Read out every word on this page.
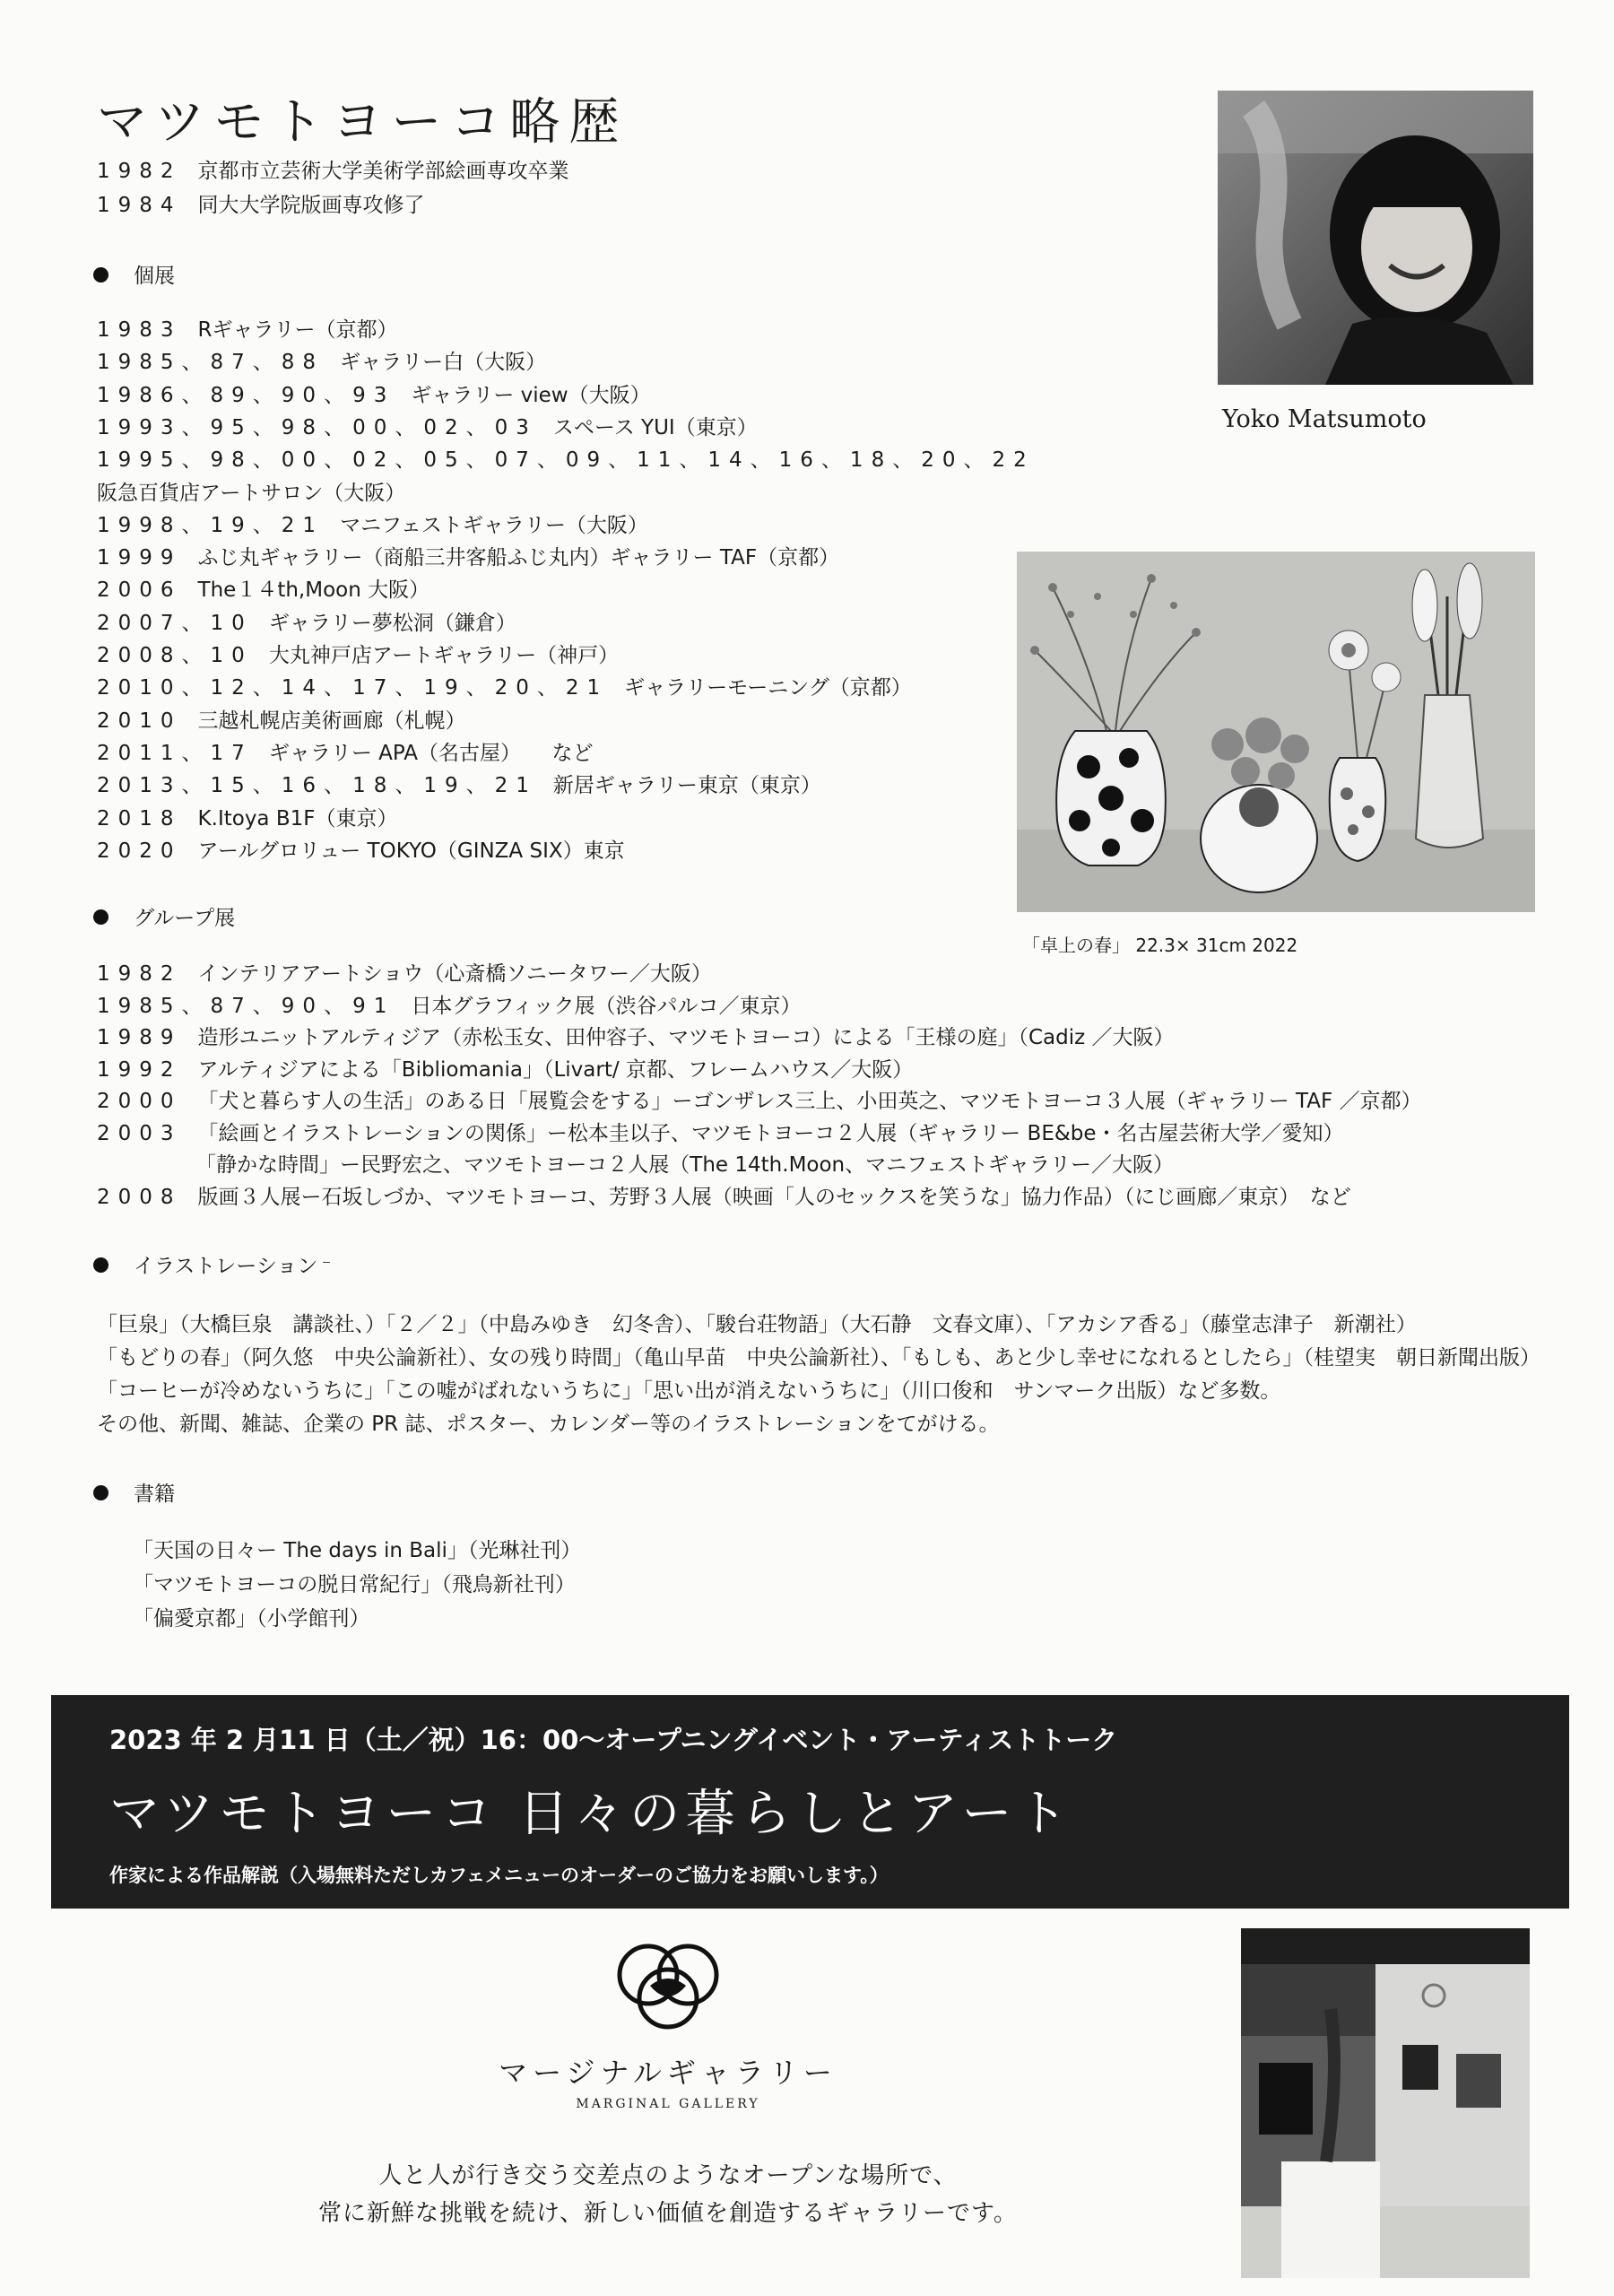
マツモトヨーコ略歴
1982 京都市立芸術大学美術学部絵画専攻卒業
1984 同大大学院版画専攻修了
個展
1983 Rギャラリー（京都）
1985、87、88 ギャラリー白（大阪）
1986、89、90、93 ギャラリー view（大阪）
1993、95、98、00、02、03 スペース YUI（東京）
1995、98、00、02、05、07、09、11、14、16、18、20、22
阪急百貨店アートサロン（大阪）
1998、19、21 マニフェストギャラリー（大阪）
1999 ふじ丸ギャラリー（商船三井客船ふじ丸内）ギャラリー TAF（京都）
2006 The１４th,Moon 大阪）
2007、10 ギャラリー夢松洞（鎌倉）
2008、10 大丸神戸店アートギャラリー（神戸）
2010、12、14、17、19、20、21 ギャラリーモーニング（京都）
2010 三越札幌店美術画廊（札幌）
2011、17 ギャラリー APA（名古屋）　　など
2013、15、16、18、19、21 新居ギャラリー東京（東京）
2018 K.Itoya B1F（東京）
2020 アールグロリュー TOKYO（GINZA SIX）東京
グループ展
1982 インテリアアートショウ（心斎橋ソニータワー／大阪）
1985、87、90、91 日本グラフィック展（渋谷パルコ／東京）
1989 造形ユニットアルティジア（赤松玉女、田仲容子、マツモトヨーコ）による「王様の庭」（Cadiz ／大阪）
1992 アルティジアによる「Bibliomania」（Livart/ 京都、フレームハウス／大阪）
2000 「犬と暮らす人の生活」のある日「展覧会をする」ーゴンザレス三上、小田英之、マツモトヨーコ３人展（ギャラリー TAF ／京都）
2003 「絵画とイラストレーションの関係」ー松本圭以子、マツモトヨーコ２人展（ギャラリー BE&be・名古屋芸術大学／愛知）
「静かな時間」ー民野宏之、マツモトヨーコ２人展（The 14th.Moon、マニフェストギャラリー／大阪）
2008 版画３人展ー石坂しづか、マツモトヨーコ、芳野３人展（映画「人のセックスを笑うな」協力作品）（にじ画廊／東京）　など
イラストレーション
「巨泉」（大橋巨泉　講談社、）「２／２」（中島みゆき　幻冬舎）、「駿台荘物語」（大石静　文春文庫）、「アカシア香る」（藤堂志津子　新潮社）
「もどりの春」（阿久悠　中央公論新社）、女の残り時間」（亀山早苗　中央公論新社）、「もしも、あと少し幸せになれるとしたら」（桂望実　朝日新聞出版）
「コーヒーが冷めないうちに」「この嘘がばれないうちに」「思い出が消えないうちに」（川口俊和　サンマーク出版）など多数。
その他、新聞、雑誌、企業の PR 誌、ポスター、カレンダー等のイラストレーションをてがける。
書籍
「天国の日々ー The days in Bali」（光琳社刊）
「マツモトヨーコの脱日常紀行」（飛鳥新社刊）
「偏愛京都」（小学館刊）
Yoko Matsumoto
「卓上の春」 22.3× 31cm 2022
2023 年 2 月11 日（土／祝）16：00〜オープニングイベント・アーティストトーク
マツモトヨーコ 日々の暮らしとアート
作家による作品解説（入場無料ただしカフェメニューのオーダーのご協力をお願いします。）
マージナルギャラリー
MARGINAL GALLERY
人と人が行き交う交差点のようなオープンな場所で、
常に新鮮な挑戦を続け、新しい価値を創造するギャラリーです。
